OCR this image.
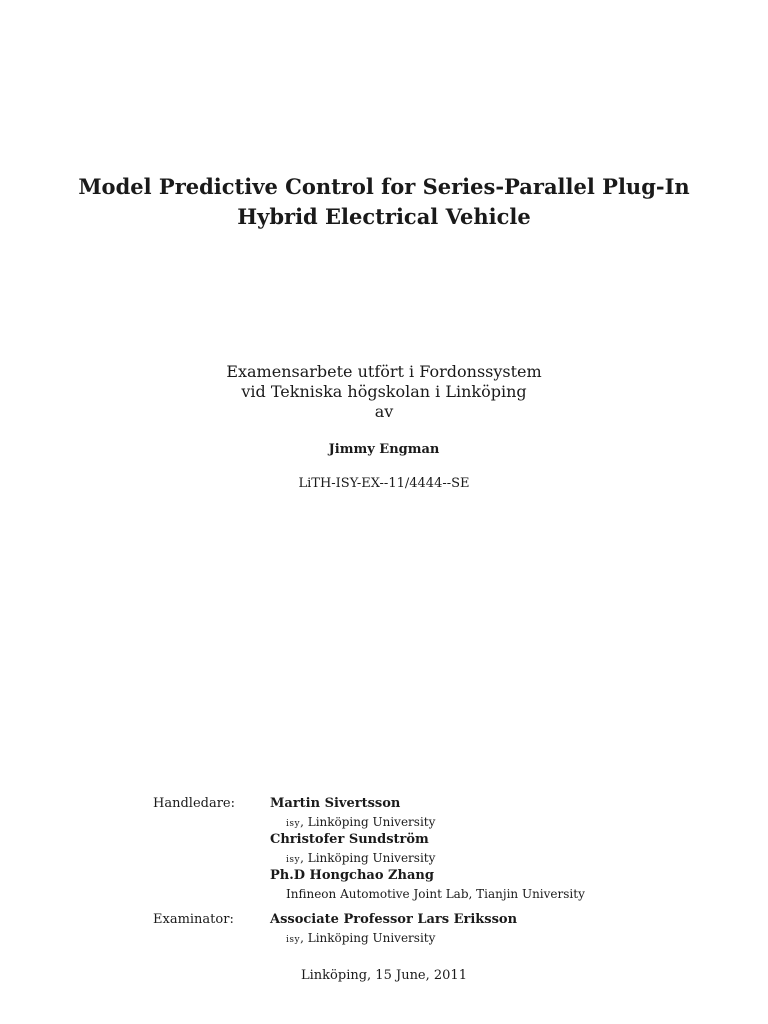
Model Predictive Control for Series-Parallel Plug-In
Hybrid Electrical Vehicle
Examensarbete utfört i Fordonssystem
vid Tekniska högskolan i Linköping
av
Jimmy Engman
LiTH-ISY-EX--11/4444--SE
Handledare:	Martin Sivertsson
isy, Linköping University
Christofer Sundström
isy, Linköping University
Ph.D Hongchao Zhang
Infineon Automotive Joint Lab, Tianjin University
Examinator:	Associate Professor Lars Eriksson
isy, Linköping University
Linköping, 15 June, 2011
